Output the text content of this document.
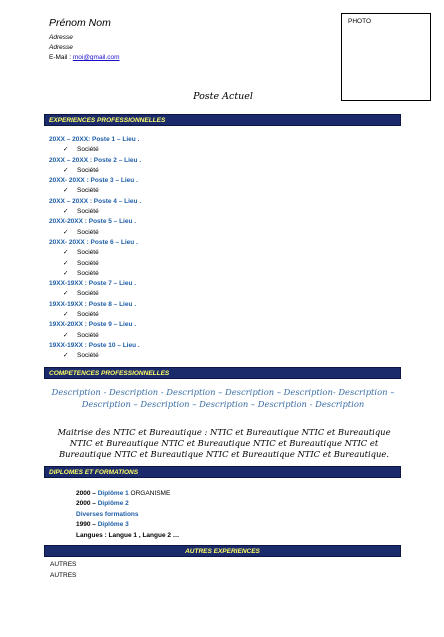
Prénom Nom
Adresse
Adresse
E-Mail : moi@gmail.com
PHOTO
Poste Actuel
EXPERIENCES PROFESSIONNELLES
20XX – 20XX: Poste 1 – Lieu .
✓ Société
20XX – 20XX : Poste 2 – Lieu .
✓ Société
20XX- 20XX : Poste 3 – Lieu .
✓ Société
20XX – 20XX : Poste 4 – Lieu .
✓ Société
20XX-20XX : Poste 5 – Lieu .
✓ Société
20XX- 20XX : Poste 6 – Lieu .
✓ Société
✓ Société
✓ Société
19XX-19XX : Poste 7 – Lieu .
✓ Société
19XX-19XX : Poste 8 – Lieu .
✓ Société
19XX-20XX : Poste 9 – Lieu .
✓ Société
19XX-19XX : Poste 10 – Lieu .
✓ Société
COMPETENCES PROFESSIONNELLES
Description - Description - Description – Description – Description- Description – Description – Description – Description – Description - Description
Maitrise des NTIC et Bureautique : NTIC et Bureautique NTIC et Bureautique NTIC et Bureautique NTIC et Bureautique NTIC et Bureautique NTIC et Bureautique NTIC et Bureautique NTIC et Bureautique NTIC et Bureautique.
DIPLOMES ET FORMATIONS
2000 – Diplôme 1 ORGANISME
2000 – Diplôme 2
Diverses formations
1990 – Diplôme 3
Langues : Langue 1 , Langue 2 …
AUTRES EXPERIENCES
AUTRES
AUTRES
